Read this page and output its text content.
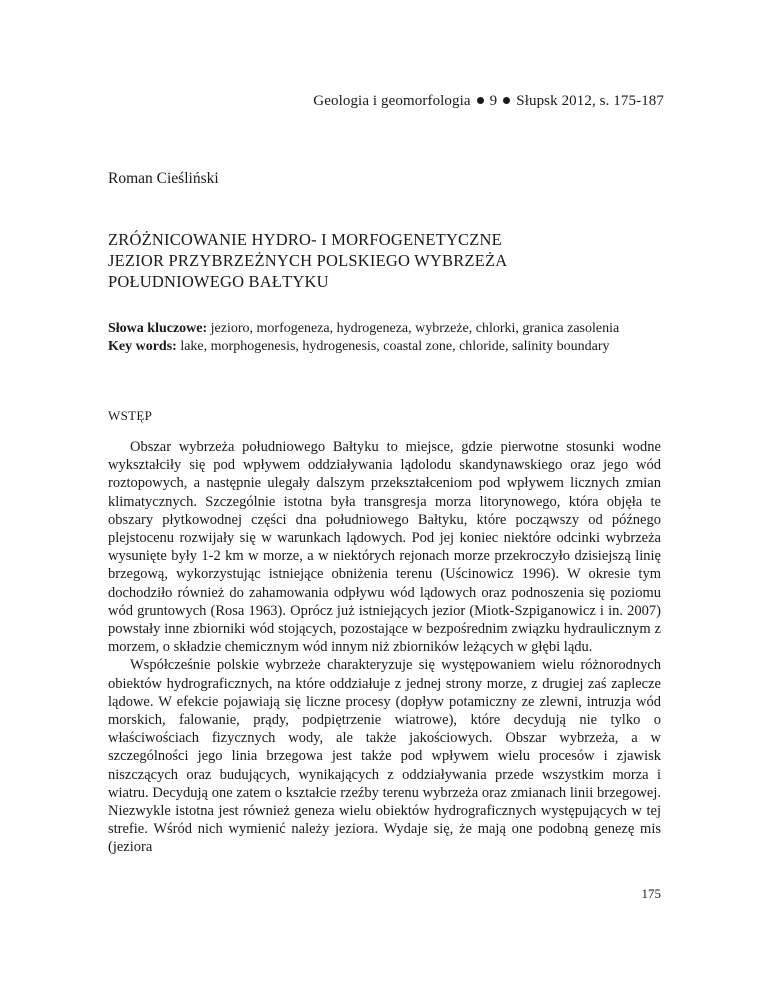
Geologia i geomorfologia 9 Słupsk 2012, s. 175-187
Roman Cieśliński
ZRÓŻNICOWANIE HYDRO- I MORFOGENETYCZNE
JEZIOR PRZYBRZEŻNYCH POLSKIEGO WYBRZEŻA
POŁUDNIOWEGO BAŁTYKU
Słowa kluczowe: jezioro, morfogeneza, hydrogeneza, wybrzeże, chlorki, granica zasolenia
Key words: lake, morphogenesis, hydrogenesis, coastal zone, chloride, salinity boundary
WSTĘP

Obszar wybrzeża południowego Bałtyku to miejsce, gdzie pierwotne stosunki wodne wykształciły się pod wpływem oddziaływania lądolodu skandynawskiego oraz jego wód roztopowych, a następnie ulegały dalszym przekształceniom pod wpływem licznych zmian klimatycznych. Szczególnie istotna była transgresja morza litorynowego, która objęła te obszary płytkowodnej części dna południowego Bałtyku, które począwszy od późnego plejstocenu rozwijały się w warunkach lądowych. Pod jej koniec niektóre odcinki wybrzeża wysunięte były 1-2 km w morze, a w niektórych rejonach morze przekroczyło dzisiejszą linię brzegową, wykorzystując istniejące obniżenia terenu (Uścinowicz 1996). W okresie tym dochodziło również do zahamowania odpływu wód lądowych oraz podnoszenia się poziomu wód gruntowych (Rosa 1963). Oprócz już istniejących jezior (Miotk-Szpiganowicz i in. 2007) powstały inne zbiorniki wód stojących, pozostające w bezpośrednim związku hydraulicznym z morzem, o składzie chemicznym wód innym niż zbiorników leżących w głębi lądu.

Współcześnie polskie wybrzeże charakteryzuje się występowaniem wielu różnorodnych obiektów hydrograficznych, na które oddziałuje z jednej strony morze, z drugiej zaś zaplecze lądowe. W efekcie pojawiają się liczne procesy (dopływ potamiczny ze zlewni, intruzja wód morskich, falowanie, prądy, podpiętrzenie wiatrowe), które decydują nie tylko o właściwościach fizycznych wody, ale także jakościowych. Obszar wybrzeża, a w szczególności jego linia brzegowa jest także pod wpływem wielu procesów i zjawisk niszczących oraz budujących, wynikających z oddziaływania przede wszystkim morza i wiatru. Decydują one zatem o kształcie rzeźby terenu wybrzeża oraz zmianach linii brzegowej. Niezwykle istotna jest również geneza wielu obiektów hydrograficznych występujących w tej strefie. Wśród nich wymienić należy jeziora. Wydaje się, że mają one podobną genezę mis (jeziora

175
